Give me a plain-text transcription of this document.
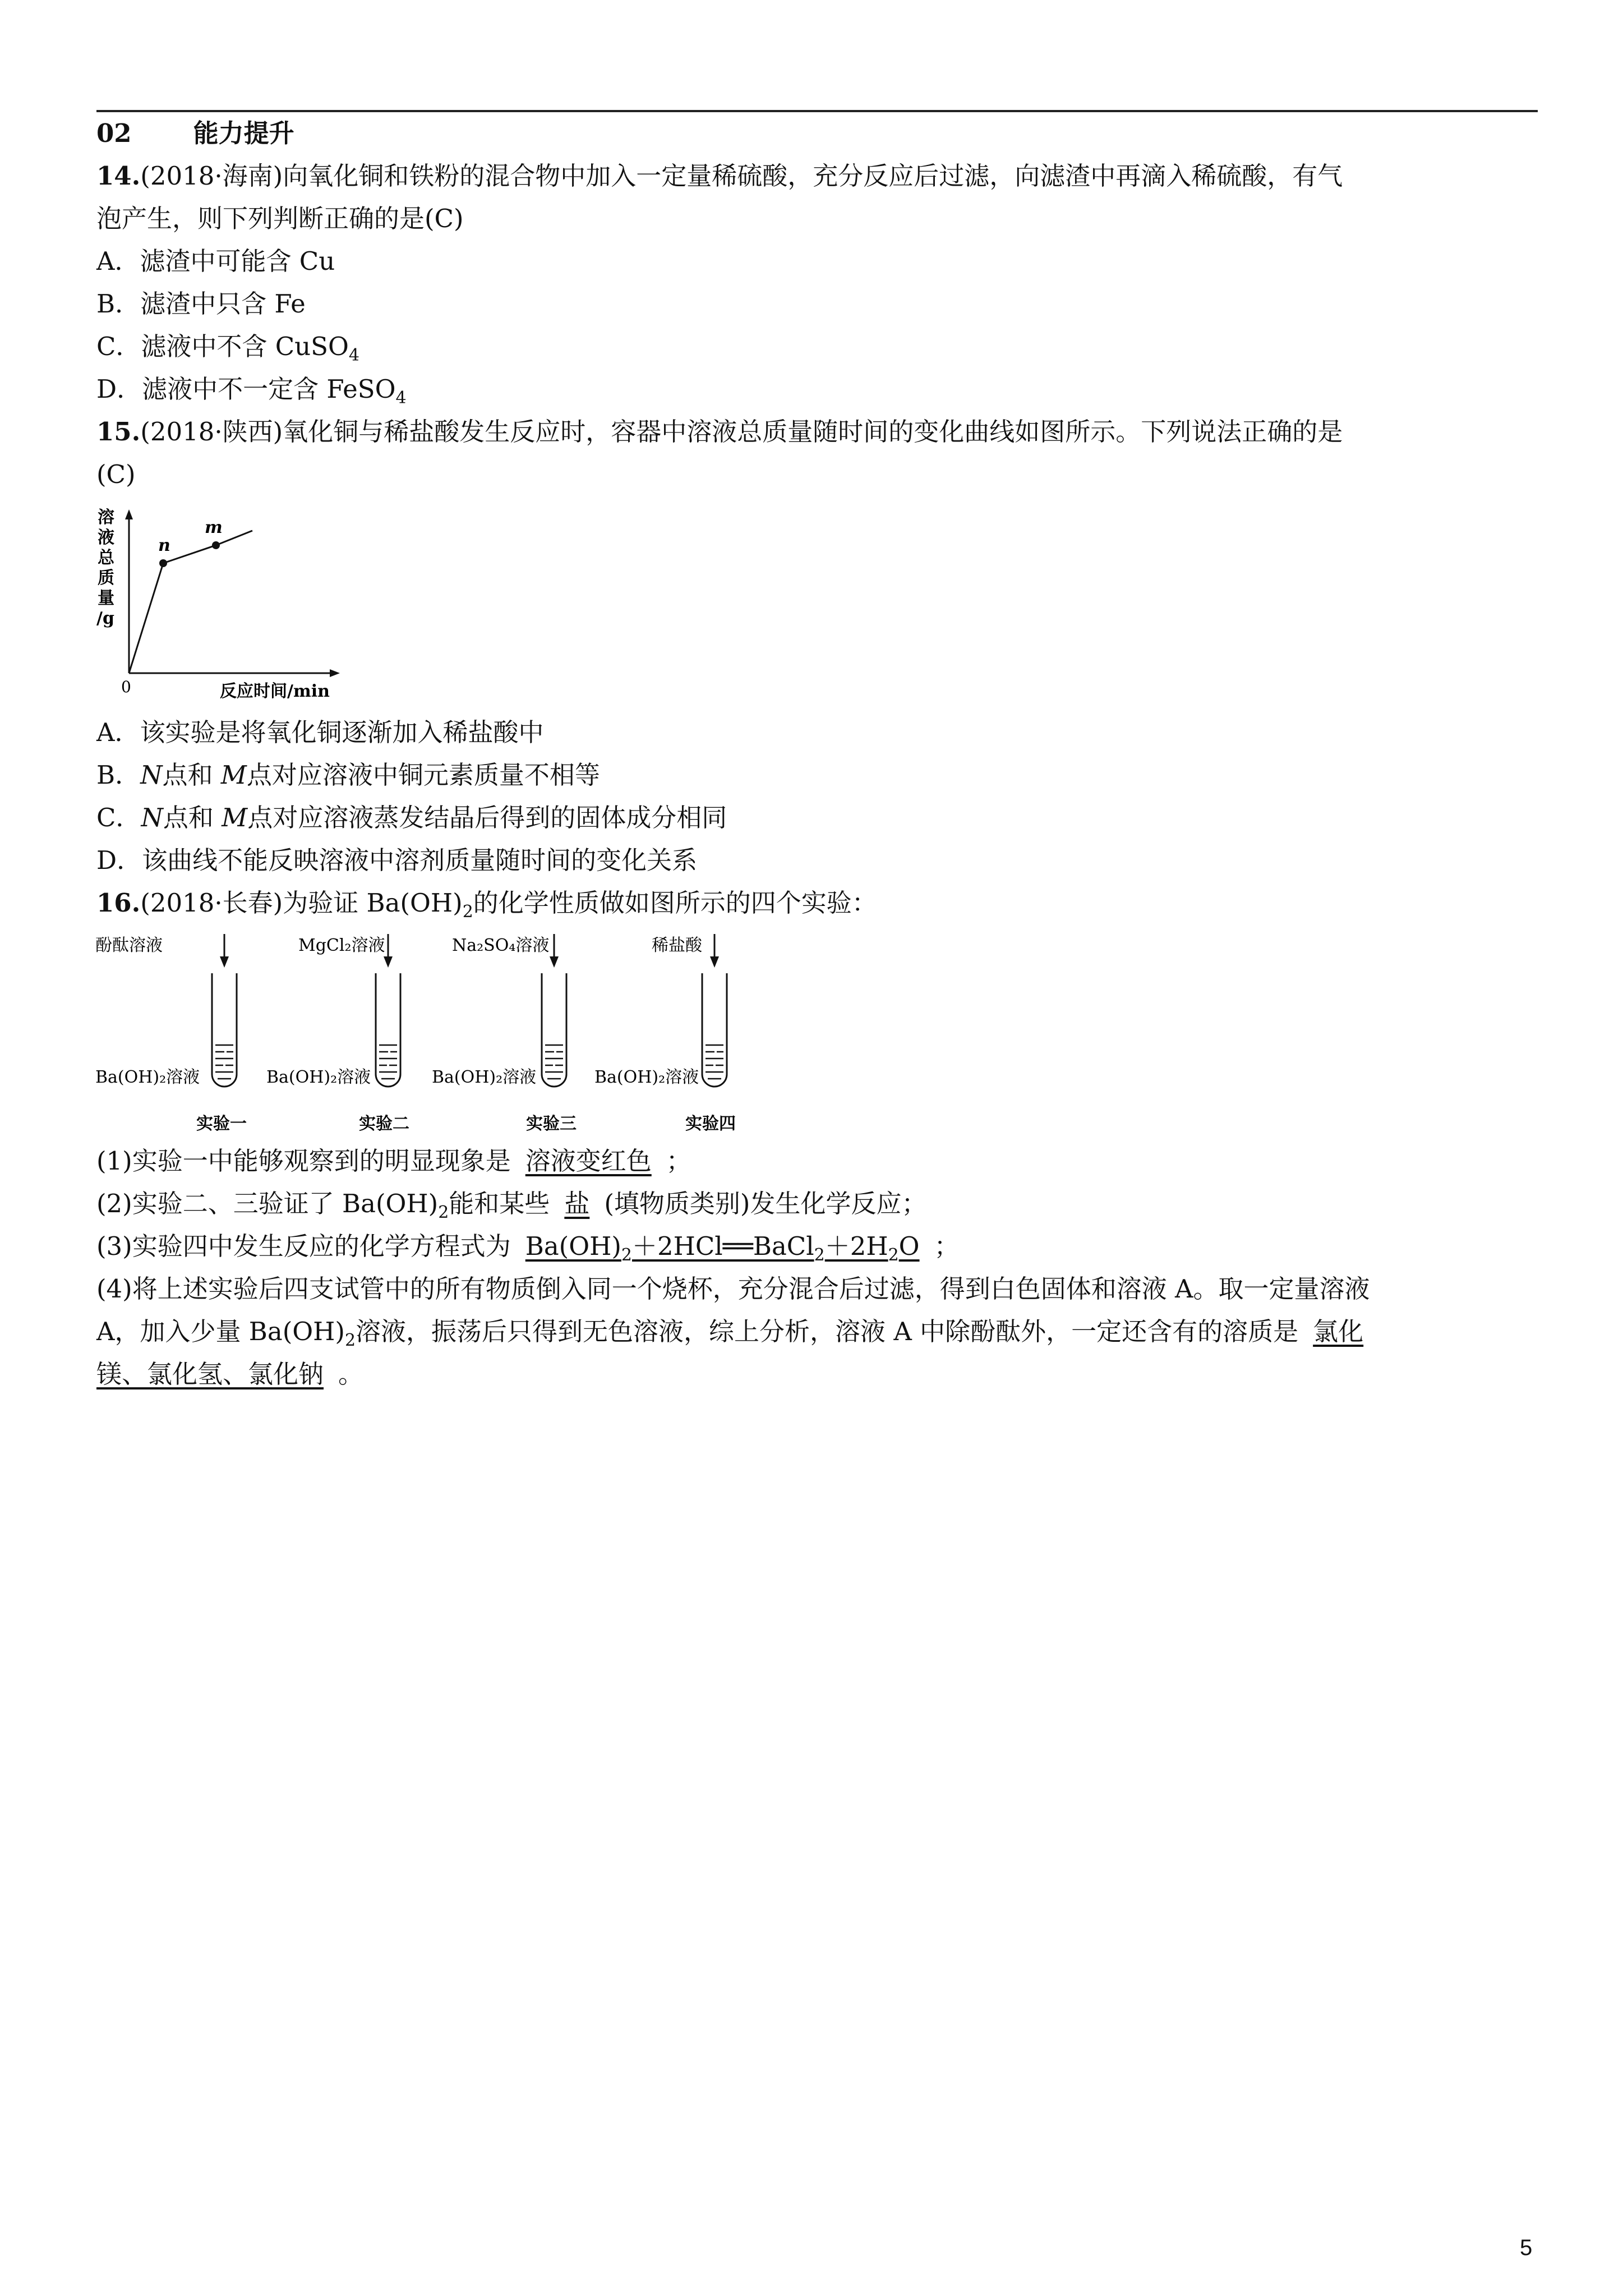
02 能力提升
14.(2018·海南)向氧化铜和铁粉的混合物中加入一定量稀硫酸，充分反应后过滤，向滤渣中再滴入稀硫酸，有气
泡产生，则下列判断正确的是(C)
A．滤渣中可能含 Cu
B．滤渣中只含 Fe
C．滤液中不含 CuSO$_4$
D．滤液中不一定含 FeSO$_4$
15.(2018·陕西)氧化铜与稀盐酸发生反应时，容器中溶液总质量随时间的变化曲线如图所示。下列说法正确的是
(C)
溶
液
总
质
量
/g
0	反应时间/min
n
m
A．该实验是将氧化铜逐渐加入稀盐酸中
B．N点和 M点对应溶液中铜元素质量不相等
C．N点和 M点对应溶液蒸发结晶后得到的固体成分相同
D．该曲线不能反映溶液中溶剂质量随时间的变化关系
16.(2018·长春)为验证 $Ba(OH)_2$的化学性质做如图所示的四个实验：
酚酞溶液
Ba(OH)₂溶液
实验一
MgCl₂溶液
Ba(OH)₂溶液
实验二
Na₂SO₄溶液
Ba(OH)₂溶液
实验三
稀盐酸
Ba(OH)₂溶液
实验四
(1)实验一中能够观察到的明显现象是 溶液变红色 ；
(2)实验二、三验证了 $Ba(OH)_2$能和某些 盐 (填物质类别)发生化学反应；
(3)实验四中发生反应的化学方程式为 $Ba(OH)_2+2HCl══BaCl_2+2H_2O$ ；
(4)将上述实验后四支试管中的所有物质倒入同一个烧杯，充分混合后过滤，得到白色固体和溶液 A。取一定量溶液
A，加入少量 $Ba(OH)_2$溶液，振荡后只得到无色溶液，综上分析，溶液 A 中除酚酞外，一定还含有的溶质是 氯化
镁、氯化氢、氯化钠 。
5
